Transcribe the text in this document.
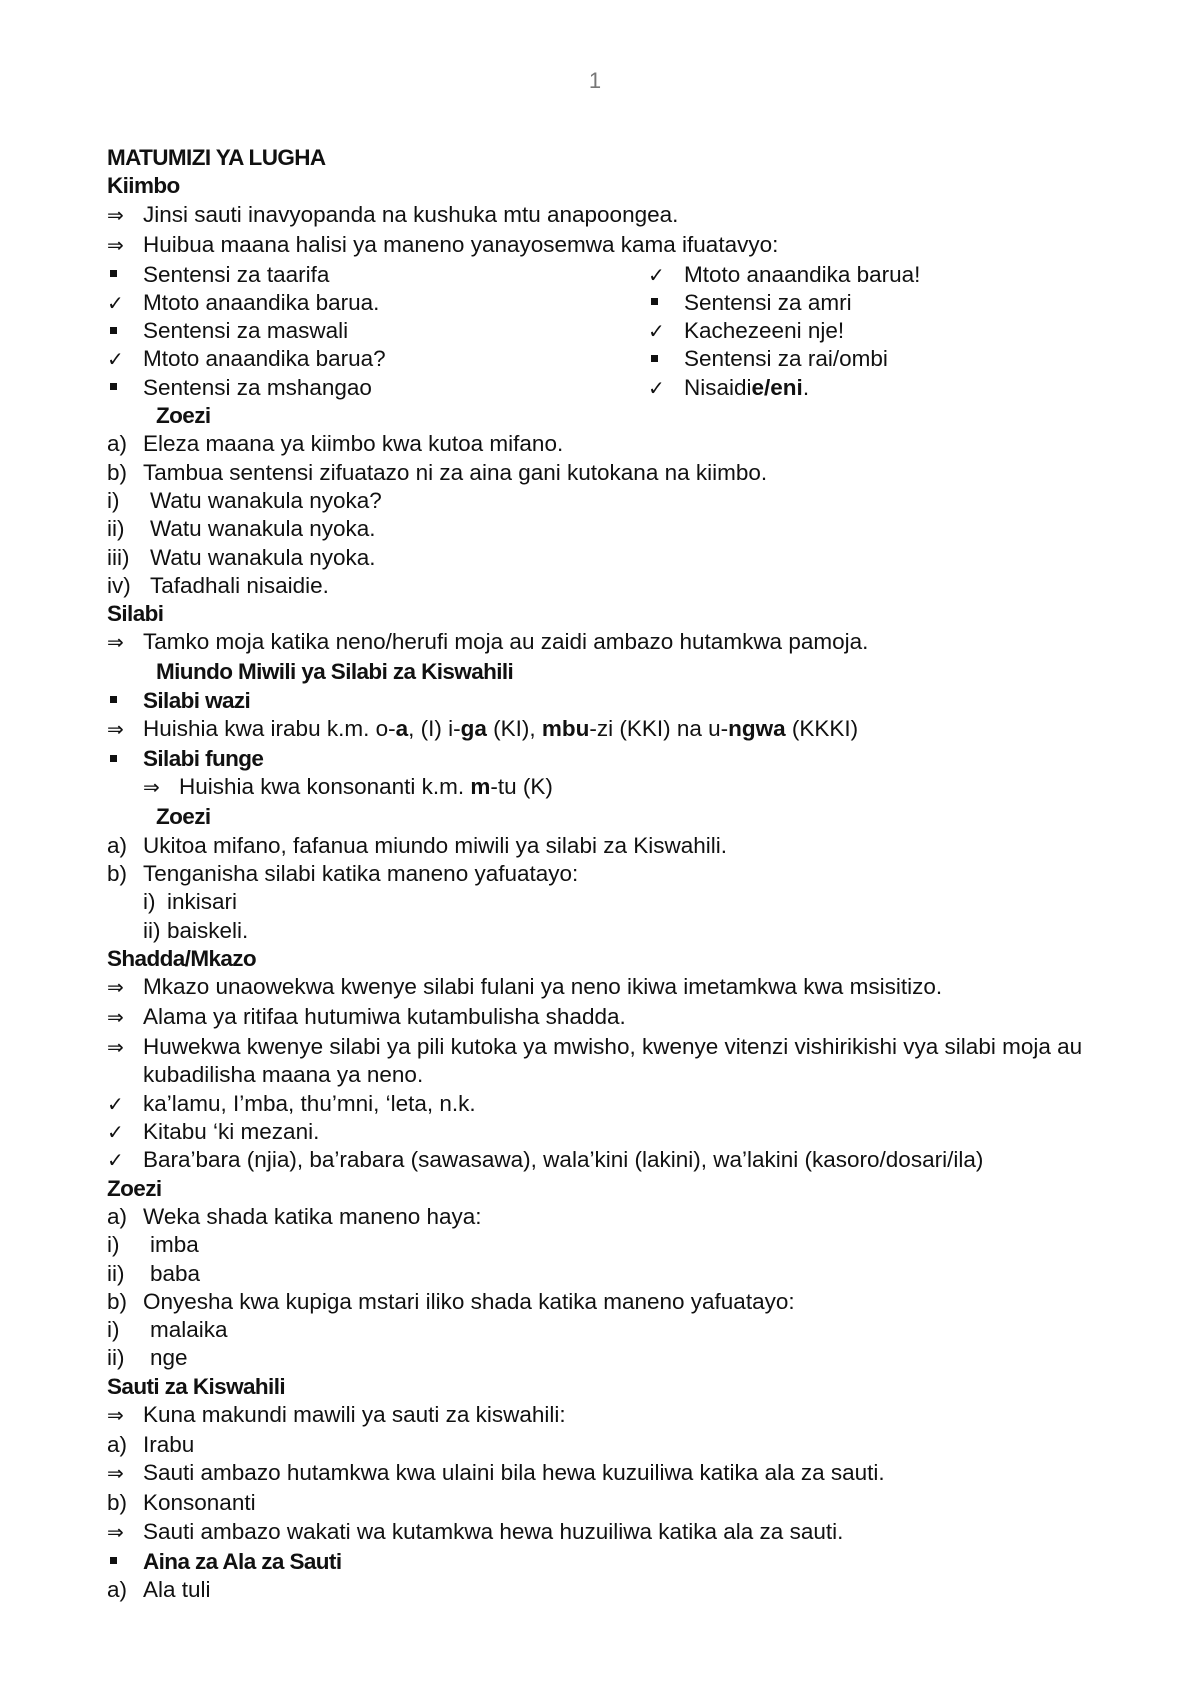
1
MATUMIZI YA LUGHA
Kiimbo
⇒ Jinsi sauti inavyopanda na kushuka mtu anapoongea.
⇒ Huibua maana halisi ya maneno yanayosemwa kama ifuatavyo:
Sentensi za taarifa	✓ Mtoto anaandika barua!
✓ Mtoto anaandika barua.	Sentensi za amri
Sentensi za maswali	✓ Kachezeeni nje!
✓ Mtoto anaandika barua?	Sentensi za rai/ombi
Sentensi za mshangao	✓ Nisaidie/eni.
Zoezi
a) Eleza maana ya kiimbo kwa kutoa mifano.
b) Tambua sentensi zifuatazo ni za aina gani kutokana na kiimbo.
i)	Watu wanakula nyoka?
ii)	Watu wanakula nyoka.
iii) Watu wanakula nyoka.
iv) Tafadhali nisaidie.
Silabi
⇒ Tamko moja katika neno/herufi moja au zaidi ambazo hutamkwa pamoja.
Miundo Miwili ya Silabi za Kiswahili
Silabi wazi
⇒ Huishia kwa irabu k.m. o-a, (I) i-ga (KI), mbu-zi (KKI) na u-ngwa (KKKI)
Silabi funge
⇒ Huishia kwa konsonanti k.m. m-tu (K)
Zoezi
a) Ukitoa mifano, fafanua miundo miwili ya silabi za Kiswahili.
b) Tenganisha silabi katika maneno yafuatayo:
i) inkisari
ii) baiskeli.
Shadda/Mkazo
⇒ Mkazo unaowekwa kwenye silabi fulani ya neno ikiwa imetamkwa kwa msisitizo.
⇒ Alama ya ritifaa hutumiwa kutambulisha shadda.
⇒ Huwekwa kwenye silabi ya pili kutoka ya mwisho, kwenye vitenzi vishirikishi vya silabi moja au kubadilisha maana ya neno.
✓ ka’lamu, I’mba, thu’mni, ‘leta, n.k.
✓ Kitabu ‘ki mezani.
✓ Bara’bara (njia), ba’rabara (sawasawa), wala’kini (lakini), wa’lakini (kasoro/dosari/ila)
Zoezi
a) Weka shada katika maneno haya:
i)	imba
ii)	baba
b) Onyesha kwa kupiga mstari iliko shada katika maneno yafuatayo:
i)	malaika
ii)	nge
Sauti za Kiswahili
⇒ Kuna makundi mawili ya sauti za kiswahili:
a) Irabu
⇒ Sauti ambazo hutamkwa kwa ulaini bila hewa kuzuiliwa katika ala za sauti.
b) Konsonanti
⇒ Sauti ambazo wakati wa kutamkwa hewa huzuiliwa katika ala za sauti.
Aina za Ala za Sauti
a) Ala tuli
